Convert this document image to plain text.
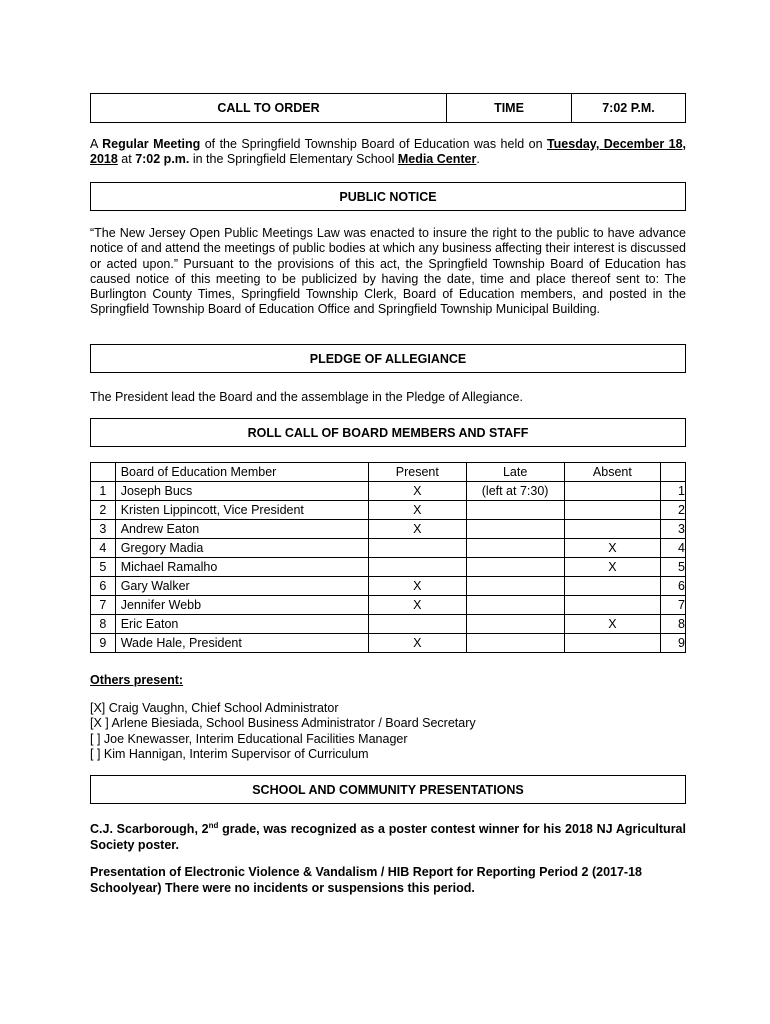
CALL TO ORDER	TIME	7:02 P.M.
A Regular Meeting of the Springfield Township Board of Education was held on Tuesday, December 18, 2018 at 7:02 p.m. in the Springfield Elementary School Media Center.
PUBLIC NOTICE
“The New Jersey Open Public Meetings Law was enacted to insure the right to the public to have advance notice of and attend the meetings of public bodies at which any business affecting their interest is discussed or acted upon.” Pursuant to the provisions of this act, the Springfield Township Board of Education has caused notice of this meeting to be publicized by having the date, time and place thereof sent to: The Burlington County Times, Springfield Township Clerk, Board of Education members, and posted in the Springfield Township Board of Education Office and Springfield Township Municipal Building.
PLEDGE OF ALLEGIANCE
The President lead the Board and the assemblage in the Pledge of Allegiance.
ROLL CALL OF BOARD MEMBERS AND STAFF
	Board of Education Member	Present	Late	Absent	
1	Joseph Bucs	X	(left at 7:30)		1
2	Kristen Lippincott, Vice President	X			2
3	Andrew Eaton	X			3
4	Gregory Madia			X	4
5	Michael Ramalho			X	5
6	Gary Walker	X			6
7	Jennifer Webb	X			7
8	Eric Eaton			X	8
9	Wade Hale, President	X			9
Others present:
[X] Craig Vaughn, Chief School Administrator
[X ] Arlene Biesiada, School Business Administrator / Board Secretary
[ ] Joe Knewasser, Interim Educational Facilities Manager
[ ] Kim Hannigan, Interim Supervisor of Curriculum
SCHOOL AND COMMUNITY PRESENTATIONS
C.J. Scarborough, 2nd grade, was recognized as a poster contest winner for his 2018 NJ Agricultural Society poster.
Presentation of Electronic Violence & Vandalism / HIB Report for Reporting Period 2 (2017-18 Schoolyear) There were no incidents or suspensions this period.
